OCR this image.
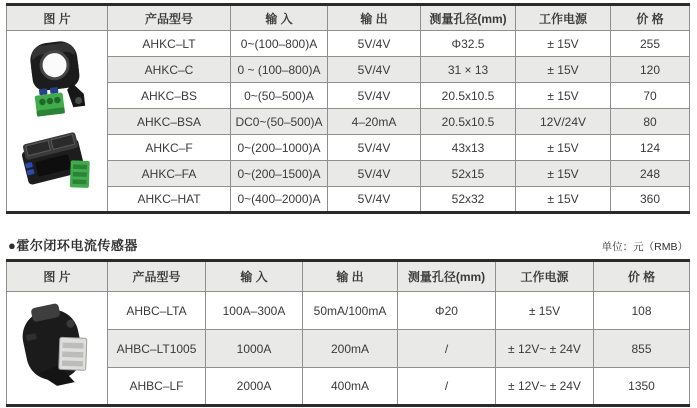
图 片	产品型号	输 入	输 出	测量孔径(mm)	工作电源	价 格

	AHKC–LT	0~(100–800)A	5V/4V	Φ32.5	± 15V	255
	AHKC–C	0 ~ (100–800)A	5V/4V	31 × 13	± 15V	120
	AHKC–BS	0~(50–500)A	5V/4V	20.5x10.5	± 15V	70
	AHKC–BSA	DC0~(50–500)A	4–20mA	20.5x10.5	12V/24V	80
	AHKC–F	0~(200–1000)A	5V/4V	43x13	± 15V	124
	AHKC–FA	0~(200–1500)A	5V/4V	52x15	± 15V	248
	AHKC–HAT	0~(400–2000)A	5V/4V	52x32	± 15V	360
●霍尔闭环电流传感器	单位：元（RMB）
图 片	产品型号	输 入	输 出	测量孔径(mm)	工作电源	价 格

	AHBC–LTA	100A–300A	50mA/100mA	Φ20	± 15V	108
	AHBC–LT1005	1000A	200mA	/	± 12V~ ± 24V	855
	AHBC–LF	2000A	400mA	/	± 12V~ ± 24V	1350
